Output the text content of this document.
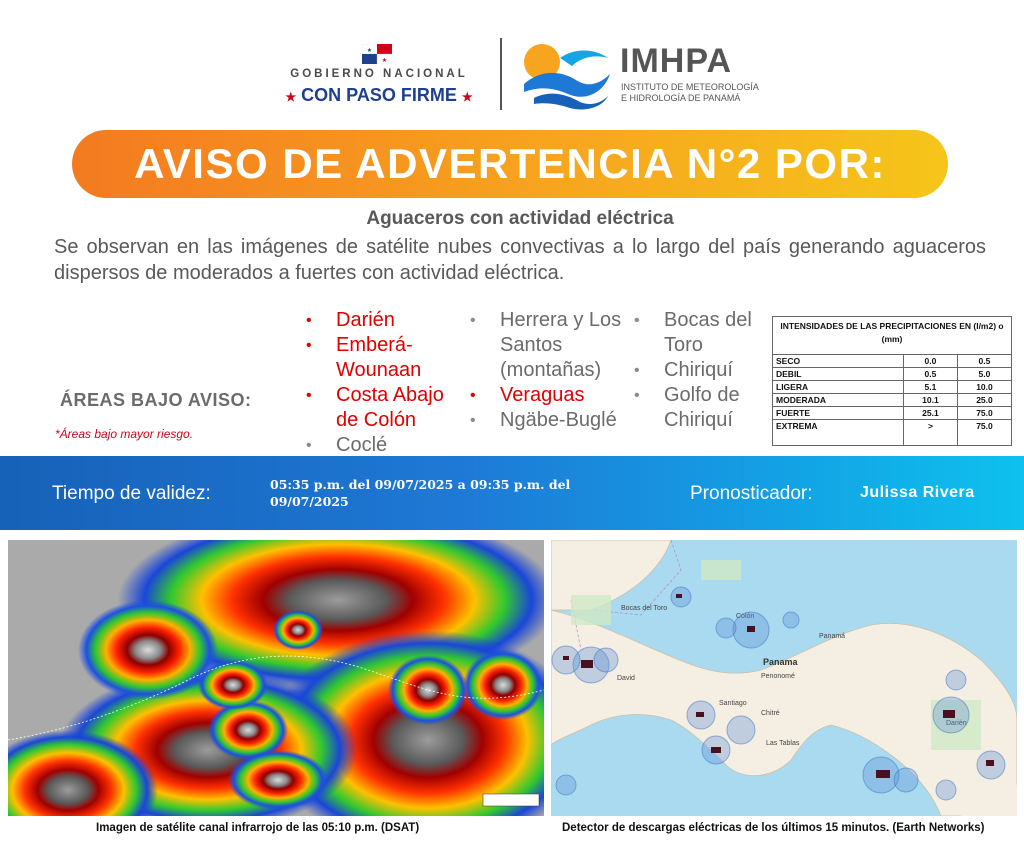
★
★
GOBIERNO NACIONAL
★ CON PASO FIRME ★
IMHPA
INSTITUTO DE METEOROLOGÍA
E HIDROLOGÍA DE PANAMÁ
AVISO DE ADVERTENCIA N°2 POR:
Aguaceros con actividad eléctrica
Se observan en las imágenes de satélite nubes convectivas a lo largo del país generando aguaceros dispersos de moderados a fuertes con actividad eléctrica.
ÁREAS BAJO AVISO:
*Áreas bajo mayor riesgo.
• Darién
• Emberá-Wounaan
• Costa Abajo de Colón
• Coclé
• Herrera y Los Santos (montañas)
• Veraguas
• Ngäbe-Buglé
• Bocas del Toro
• Chiriquí
• Golfo de Chiriquí
INTENSIDADES DE LAS PRECIPITACIONES EN (l/m2) o (mm)		
SECO	0.0	0.5
DEBIL	0.5	5.0
LIGERA	5.1	10.0
MODERADA	10.1	25.0
FUERTE	25.1	75.0
EXTREMA	>	75.0
Tiempo de validez:	05:35 p.m. del 09/07/2025 a 09:35 p.m. del 09/07/2025	Pronosticador:	Julissa Rivera
Panama
Panamá
Bocas del Toro
David
Santiago
Chitré
Las Tablas
Colón
Penonomé
Darién
Imagen de satélite canal infrarrojo de las 05:10 p.m. (DSAT)	Detector de descargas eléctricas de los últimos 15 minutos. (Earth Networks)
